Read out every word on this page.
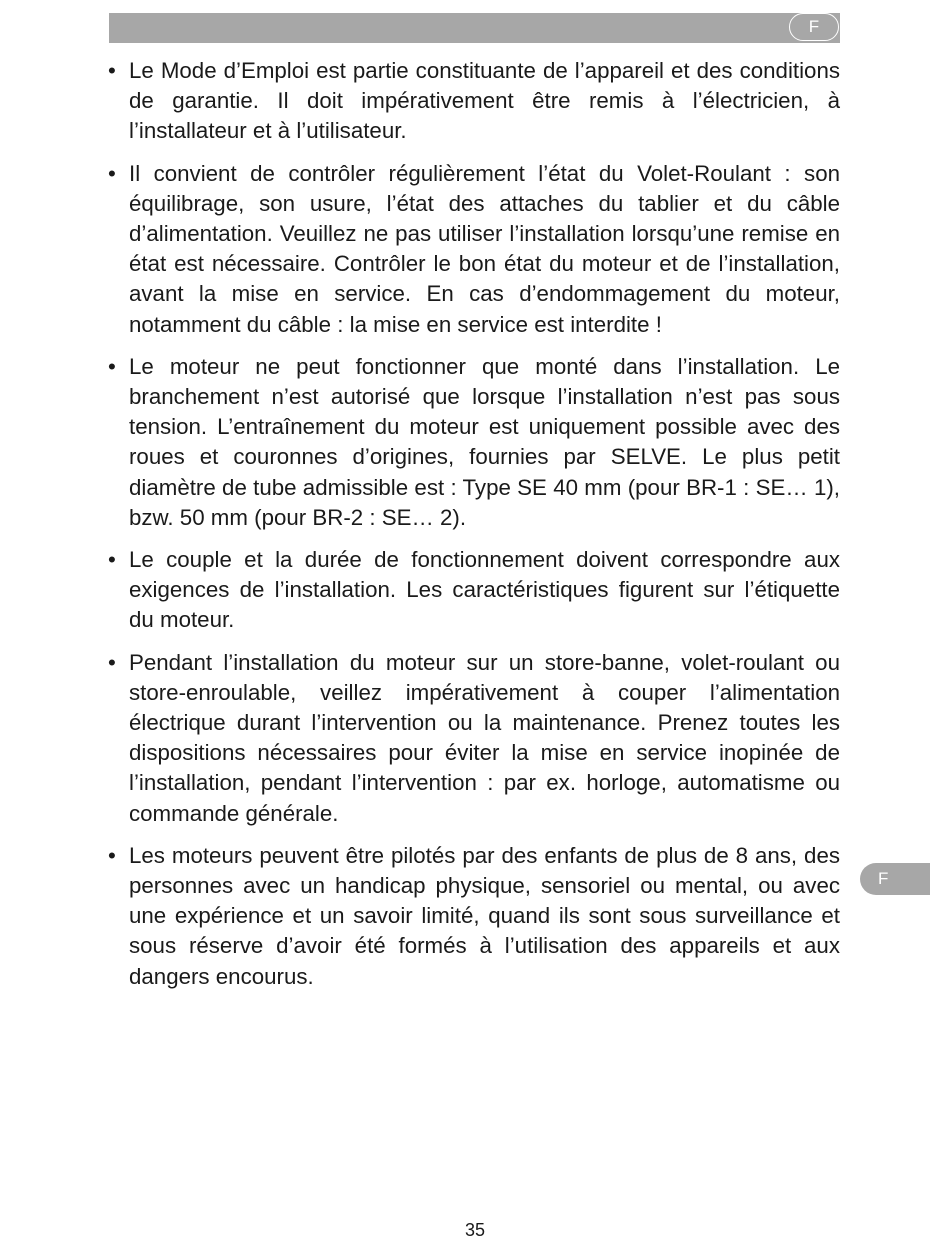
F
• Le Mode d’Emploi est partie constituante de l’appareil et des conditions de garantie. Il doit impérativement être remis à l’électricien, à l’installateur et à l’utilisateur.
• Il convient de contrôler régulièrement l’état du Volet-Roulant : son équilibrage, son usure, l’état des attaches du tablier et du câble d’alimentation. Veuillez ne pas utiliser l’installation lorsqu’une remise en état est nécessaire. Contrôler le bon état du moteur et de l’installation, avant la mise en service. En cas d’endommagement du moteur, notamment du câble : la mise en service est interdite !
• Le moteur ne peut fonctionner que monté dans l’installation. Le branchement n’est autorisé que lorsque l’installation n’est pas sous tension. L’entraînement du moteur est uniquement possible avec des roues et couronnes d’origines, fournies par SELVE. Le plus petit diamètre de tube admissible est : Type SE 40 mm (pour BR-1 : SE… 1), bzw. 50 mm (pour BR-2 : SE… 2).
• Le couple et la durée de fonctionnement doivent correspondre aux exigences de l’installation. Les caractéristiques figurent sur l’étiquette du moteur.
• Pendant l’installation du moteur sur un store-banne, volet-roulant ou store-enroulable, veillez impérativement à couper l’alimentation électrique durant l’intervention ou la maintenance. Prenez toutes les dispositions nécessaires pour éviter la mise en service inopinée de l’installation, pendant l’intervention : par ex. horloge, automatisme ou commande générale.
• Les moteurs peuvent être pilotés par des enfants de plus de 8 ans, des personnes avec un handicap physique, sensoriel ou mental, ou avec une expérience et un savoir limité, quand ils sont sous surveillance et sous réserve d’avoir été formés à l’utilisation des appareils et aux dangers encourus.
F
35
